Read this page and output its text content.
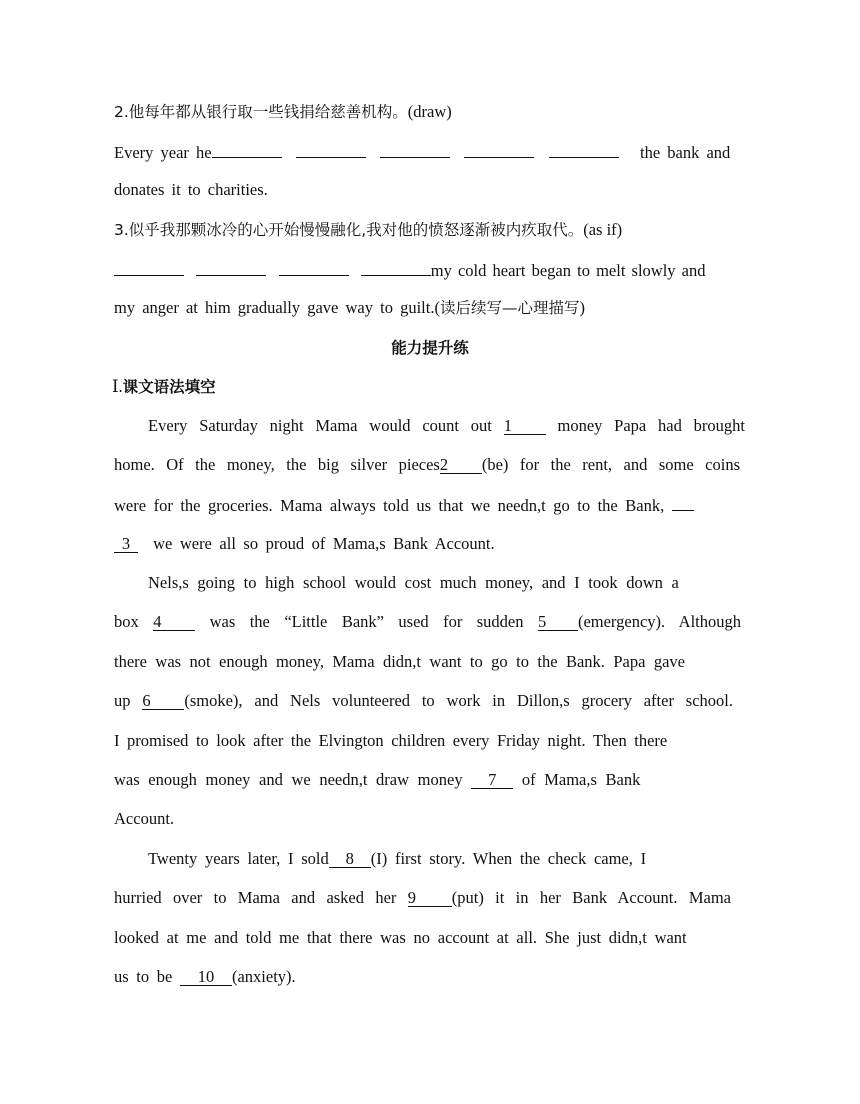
2.他每年都从银行取一些钱捐给慈善机构。(draw)
Every year he	the bank and
donates it to charities.
3.似乎我那颗冰冷的心开始慢慢融化,我对他的愤怒逐渐被内疚取代。(as if)
my cold heart began to melt slowly and
my anger at him gradually gave way to guilt.(读后续写—心理描写)
能力提升练
Ⅰ.课文语法填空
Every Saturday night Mama would count out 1	money Papa had brought
home. Of the money, the big silver pieces2 (be) for the rent, and some coins
were for the groceries. Mama always told us that we needn,t go to the Bank,
3 we were all so proud of Mama,s Bank Account.
Nels,s going to high school would cost much money, and I took down a
box 4	was the “Little Bank” used for sudden 5 (emergency). Although
there was not enough money, Mama didn,t want to go to the Bank. Papa gave
up 6 (smoke), and Nels volunteered to work in Dillon,s grocery after school.
I promised to look after the Elvington children every Friday night. Then there
was enough money and we needn,t draw money 7 of Mama,s Bank
Account.
Twenty years later, I sold 8 (I) first story. When the check came, I
hurried over to Mama and asked her 9 (put) it in her Bank Account. Mama
looked at me and told me that there was no account at all. She just didn,t want
us to be 10 (anxiety).
